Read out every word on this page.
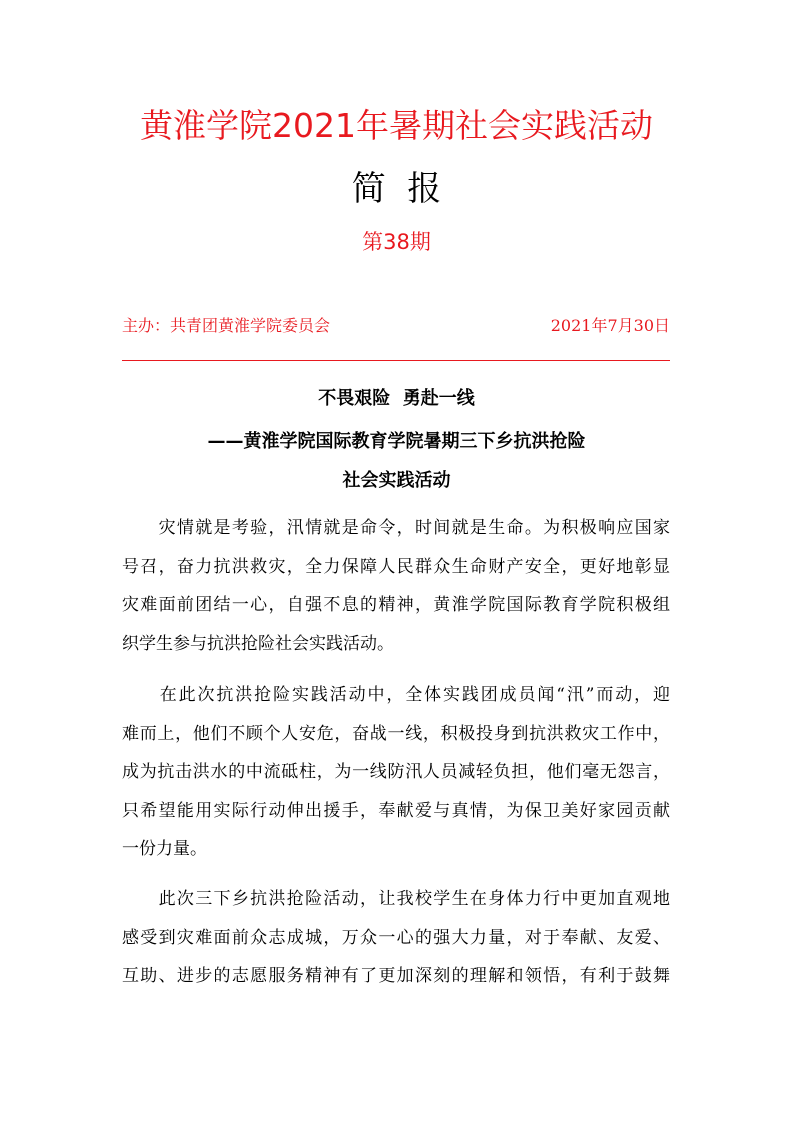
黄淮学院2021年暑期社会实践活动
简  报
第38期
主办：共青团黄淮学院委员会	2021年7月30日
不畏艰险  勇赴一线
——黄淮学院国际教育学院暑期三下乡抗洪抢险
社会实践活动
　　灾情就是考验，汛情就是命令，时间就是生命。为积极响应国家
号召，奋力抗洪救灾，全力保障人民群众生命财产安全，更好地彰显
灾难面前团结一心，自强不息的精神，黄淮学院国际教育学院积极组
织学生参与抗洪抢险社会实践活动。
　　在此次抗洪抢险实践活动中，全体实践团成员闻“汛”而动，迎
难而上，他们不顾个人安危，奋战一线，积极投身到抗洪救灾工作中，
成为抗击洪水的中流砥柱，为一线防汛人员减轻负担，他们毫无怨言，
只希望能用实际行动伸出援手，奉献爱与真情，为保卫美好家园贡献
一份力量。
　　此次三下乡抗洪抢险活动，让我校学生在身体力行中更加直观地
感受到灾难面前众志成城，万众一心的强大力量，对于奉献、友爱、
互助、进步的志愿服务精神有了更加深刻的理解和领悟，有利于鼓舞
